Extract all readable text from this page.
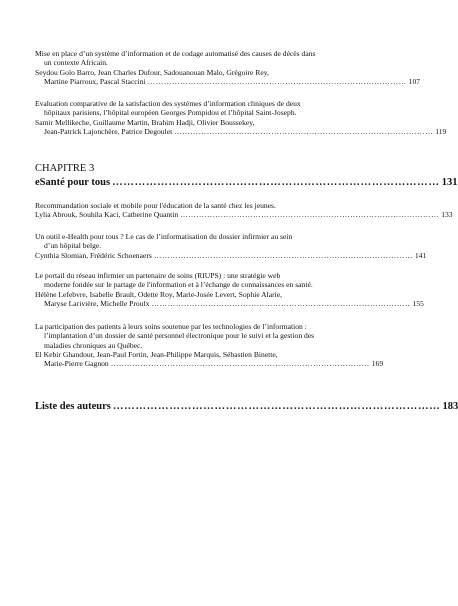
Mise en place d’un système d’information et de codage automatisé des causes de décès dans
un contexte Africain.
Seydou Golo Barro, Jean Charles Dufour, Sadouanouan Malo, Grégoire Rey,
Martine Piarroux, Pascal Staccini …………………………………………………………………………………… 107
Evaluation comparative de la satisfaction des systèmes d’information cliniques de deux
hôpitaux parisiens, l’hôpital européen Georges Pompidou et l’hôpital Saint-Joseph.
Samir Mellikeche, Guillaume Martin, Brahim Hadji, Olivier Boussekey,
Jean-Patrick Lajonchère, Patrice Degoulet …………………………………………………………………………………… 119
CHAPITRE 3
eSanté pour tous …………………………………………………………………………… 131
Recommandation sociale et mobile pour l'éducation de la santé chez les jeunes.
Lylia Abrouk, Souhila Kaci, Catherine Quantin …………………………………………………………………………………… 133
Un outil e-Health pour tous ? Le cas de l’informatisation du dossier infirmier au sein
d’un hôpital belge.
Cynthia Slomian, Frédéric Schoenaers …………………………………………………………………………………… 141
Le portail du réseau infirmier un partenaire de soins (RIUPS) : une stratégie web
moderne fondée sur le partage de l'information et à l’échange de connaissances en santé.
Hélène Lefebvre, Isabelle Brault, Odette Roy, Marie-Josée Levert, Sophie Alarie,
Maryse Larivière, Michelle Proulx …………………………………………………………………………………… 155
La participation des patients à leurs soins soutenue par les technologies de l’information :
l’implantation d’un dossier de santé personnel électronique pour le suivi et la gestion des
maladies chroniques au Québec.
El Kebir Ghandour, Jean-Paul Fortin, Jean-Philippe Marquis, Sébastien Binette,
Marie-Pierre Gagnon …………………………………………………………………………………… 169
Liste des auteurs …………………………………………………………………………… 183
